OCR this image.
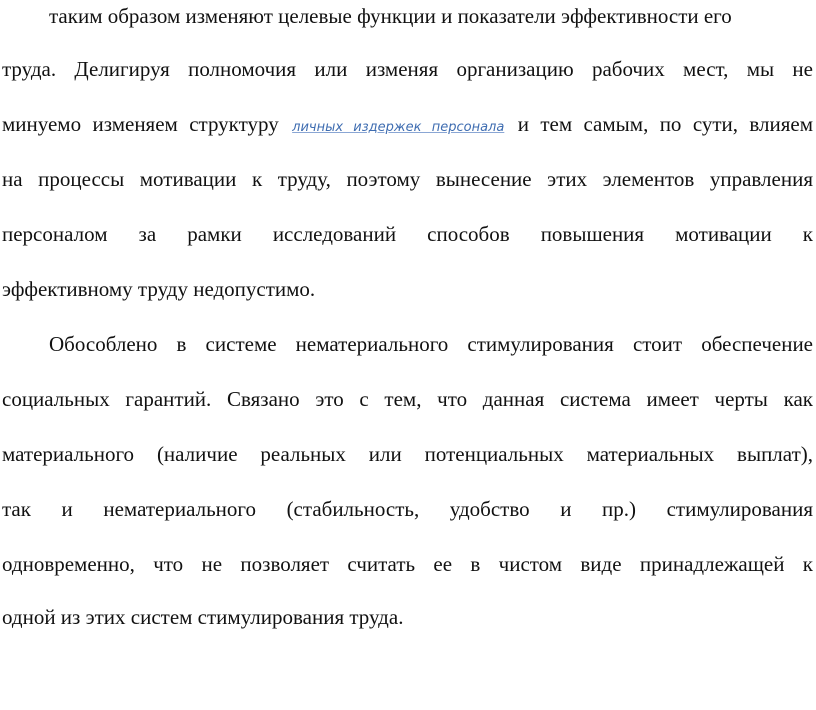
таким образом изменяют целевые функции и показатели эффективности его
труда. Делигируя полномочия или изменяя организацию рабочих мест, мы не
минуемо изменяем структуру личных издержек персонала и тем самым, по сути, влияем
на процессы мотивации к труду, поэтому вынесение этих элементов управления
персоналом за рамки исследований способов повышения мотивации к
эффективному труду недопустимо.
Обособлено в системе нематериального стимулирования стоит обеспечение
социальных гарантий. Связано это с тем, что данная система имеет черты как
материального (наличие реальных или потенциальных материальных выплат),
так и нематериального (стабильность, удобство и пр.) стимулирования
одновременно, что не позволяет считать ее в чистом виде принадлежащей к
одной из этих систем стимулирования труда.
